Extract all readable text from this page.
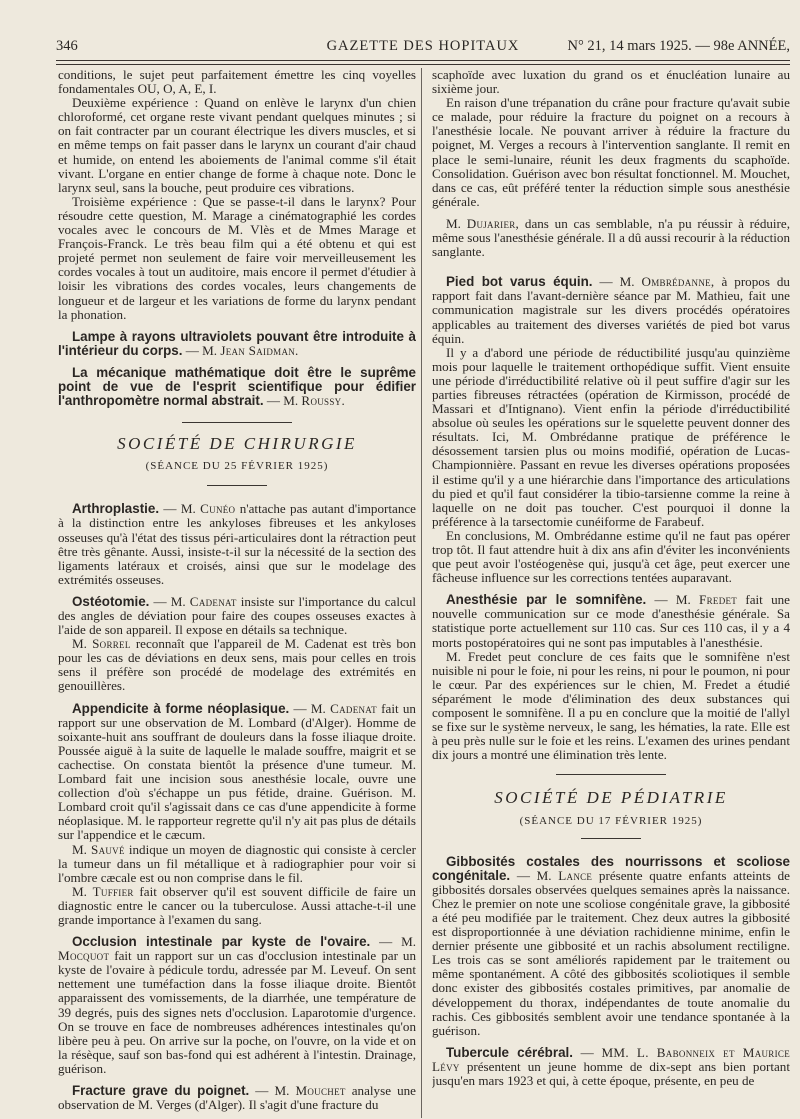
346	GAZETTE DES HOPITAUX	N° 21, 14 mars 1925. — 98e ANNÉE,

conditions, le sujet peut parfaitement émettre les cinq voyelles fondamentales OU, O, A, E, I.

Deuxième expérience : Quand on enlève le larynx d'un chien chloroformé, cet organe reste vivant pendant quelques minutes ; si on fait contracter par un courant électrique les divers muscles, et si en même temps on fait passer dans le larynx un courant d'air chaud et humide, on entend les aboiements de l'animal comme s'il était vivant. L'organe en entier change de forme à chaque note. Donc le larynx seul, sans la bouche, peut produire ces vibrations.

Troisième expérience : Que se passe-t-il dans le larynx? Pour résoudre cette question, M. Marage a cinématographié les cordes vocales avec le concours de M. Vlès et de Mmes Marage et François-Franck. Le très beau film qui a été obtenu et qui est projeté permet non seulement de faire voir merveilleusement les cordes vocales à tout un auditoire, mais encore il permet d'étudier à loisir les vibrations des cordes vocales, leurs changements de longueur et de largeur et les variations de forme du larynx pendant la phonation.

Lampe à rayons ultraviolets pouvant être introduite à l'intérieur du corps. — M. Jean Saidman.

La mécanique mathématique doit être le suprême point de vue de l'esprit scientifique pour édifier l'anthropomètre normal abstrait. — M. Roussy.

SOCIÉTÉ DE CHIRURGIE
(SÉANCE DU 25 FÉVRIER 1925)

Arthroplastie. — M. Cunéo n'attache pas autant d'importance à la distinction entre les ankyloses fibreuses et les ankyloses osseuses qu'à l'état des tissus péri-articulaires dont la rétraction peut être très gênante. Aussi, insiste-t-il sur la nécessité de la section des ligaments latéraux et croisés, ainsi que sur le modelage des extrémités osseuses.

Ostéotomie. — M. Cadenat insiste sur l'importance du calcul des angles de déviation pour faire des coupes osseuses exactes à l'aide de son appareil. Il expose en détails sa technique.

M. Sorrel reconnaît que l'appareil de M. Cadenat est très bon pour les cas de déviations en deux sens, mais pour celles en trois sens il préfère son procédé de modelage des extrémités en genouillères.

Appendicite à forme néoplasique. — M. Cadenat fait un rapport sur une observation de M. Lombard (d'Alger). Homme de soixante-huit ans souffrant de douleurs dans la fosse iliaque droite. Poussée aiguë à la suite de laquelle le malade souffre, maigrit et se cachectise. On constata bientôt la présence d'une tumeur. M. Lombard fait une incision sous anesthésie locale, ouvre une collection d'où s'échappe un pus fétide, draine. Guérison. M. Lombard croit qu'il s'agissait dans ce cas d'une appendicite à forme néoplasique. M. le rapporteur regrette qu'il n'y ait pas plus de détails sur l'appendice et le cæcum.

M. Sauvé indique un moyen de diagnostic qui consiste à cercler la tumeur dans un fil métallique et à radiographier pour voir si l'ombre cæcale est ou non comprise dans le fil.

M. Tuffier fait observer qu'il est souvent difficile de faire un diagnostic entre le cancer ou la tuberculose. Aussi attache-t-il une grande importance à l'examen du sang.

Occlusion intestinale par kyste de l'ovaire. — M. Mocquot fait un rapport sur un cas d'occlusion intestinale par un kyste de l'ovaire à pédicule tordu, adressée par M. Leveuf. On sent nettement une tuméfaction dans la fosse iliaque droite. Bientôt apparaissent des vomissements, de la diarrhée, une température de 39 degrés, puis des signes nets d'occlusion. Laparotomie d'urgence. On se trouve en face de nombreuses adhérences intestinales qu'on libère peu à peu. On arrive sur la poche, on l'ouvre, on la vide et on la résèque, sauf son bas-fond qui est adhérent à l'intestin. Drainage, guérison.

Fracture grave du poignet. — M. Mouchet analyse une observation de M. Verges (d'Alger). Il s'agit d'une fracture du

scaphoïde avec luxation du grand os et énucléation lunaire au sixième jour.

En raison d'une trépanation du crâne pour fracture qu'avait subie ce malade, pour réduire la fracture du poignet on a recours à l'anesthésie locale. Ne pouvant arriver à réduire la fracture du poignet, M. Verges a recours à l'intervention sanglante. Il remit en place le semi-lunaire, réunit les deux fragments du scaphoïde. Consolidation. Guérison avec bon résultat fonctionnel. M. Mouchet, dans ce cas, eût préféré tenter la réduction simple sous anesthésie générale.

M. Dujarier, dans un cas semblable, n'a pu réussir à réduire, même sous l'anesthésie générale. Il a dû aussi recourir à la réduction sanglante.

Pied bot varus équin. — M. Ombrédanne, à propos du rapport fait dans l'avant-dernière séance par M. Mathieu, fait une communication magistrale sur les divers procédés opératoires applicables au traitement des diverses variétés de pied bot varus équin.

Il y a d'abord une période de réductibilité jusqu'au quinzième mois pour laquelle le traitement orthopédique suffit. Vient ensuite une période d'irréductibilité relative où il peut suffire d'agir sur les parties fibreuses rétractées (opération de Kirmisson, procédé de Massari et d'Intignano). Vient enfin la période d'irréductibilité absolue où seules les opérations sur le squelette peuvent donner des résultats. Ici, M. Ombrédanne pratique de préférence le désossement tarsien plus ou moins modifié, opération de Lucas-Championnière. Passant en revue les diverses opérations proposées il estime qu'il y a une hiérarchie dans l'importance des articulations du pied et qu'il faut considérer la tibio-tarsienne comme la reine à laquelle on ne doit pas toucher. C'est pourquoi il donne la préférence à la tarsectomie cunéiforme de Farabeuf.

En conclusions, M. Ombrédanne estime qu'il ne faut pas opérer trop tôt. Il faut attendre huit à dix ans afin d'éviter les inconvénients que peut avoir l'ostéogenèse qui, jusqu'à cet âge, peut exercer une fâcheuse influence sur les corrections tentées auparavant.

Anesthésie par le somnifène. — M. Fredet fait une nouvelle communication sur ce mode d'anesthésie générale. Sa statistique porte actuellement sur 110 cas. Sur ces 110 cas, il y a 4 morts postopératoires qui ne sont pas imputables à l'anesthésie.

M. Fredet peut conclure de ces faits que le somnifène n'est nuisible ni pour le foie, ni pour les reins, ni pour le poumon, ni pour le cœur. Par des expériences sur le chien, M. Fredet a étudié séparément le mode d'élimination des deux substances qui composent le somnifène. Il a pu en conclure que la moitié de l'allyl se fixe sur le système nerveux, le sang, les hématies, la rate. Elle est à peu près nulle sur le foie et les reins. L'examen des urines pendant dix jours a montré une élimination très lente.

SOCIÉTÉ DE PÉDIATRIE
(SÉANCE DU 17 FÉVRIER 1925)

Gibbosités costales des nourrissons et scoliose congénitale. — M. Lance présente quatre enfants atteints de gibbosités dorsales observées quelques semaines après la naissance. Chez le premier on note une scoliose congénitale grave, la gibbosité a été peu modifiée par le traitement. Chez deux autres la gibbosité est disproportionnée à une déviation rachidienne minime, enfin le dernier présente une gibbosité et un rachis absolument rectiligne. Les trois cas se sont améliorés rapidement par le traitement ou même spontanément. A côté des gibbosités scoliotiques il semble donc exister des gibbosités costales primitives, par anomalie de développement du thorax, indépendantes de toute anomalie du rachis. Ces gibbosités semblent avoir une tendance spontanée à la guérison.

Tubercule cérébral. — MM. L. Babonneix et Maurice Lévy présentent un jeune homme de dix-sept ans bien portant jusqu'en mars 1923 et qui, à cette époque, présente, en peu de
